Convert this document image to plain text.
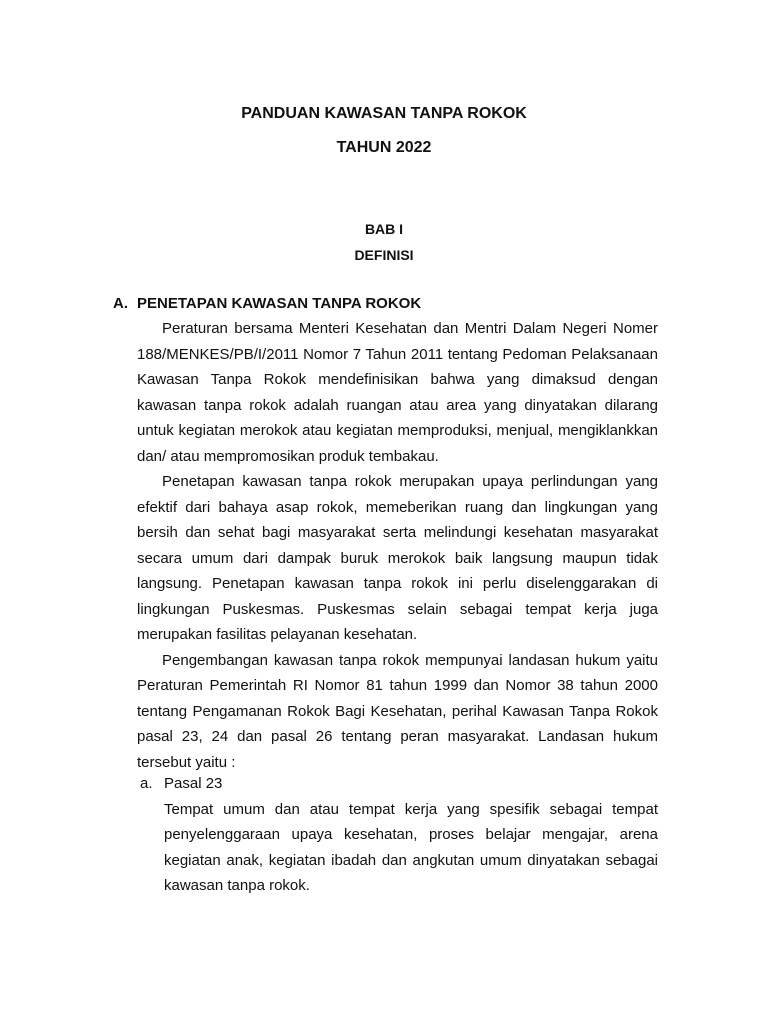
PANDUAN KAWASAN TANPA ROKOK
TAHUN 2022
BAB I
DEFINISI
A. PENETAPAN KAWASAN TANPA ROKOK

Peraturan bersama Menteri Kesehatan dan Mentri Dalam Negeri Nomer 188/MENKES/PB/I/2011 Nomor 7 Tahun 2011 tentang Pedoman Pelaksanaan Kawasan Tanpa Rokok mendefinisikan bahwa yang dimaksud dengan kawasan tanpa rokok adalah ruangan atau area yang dinyatakan dilarang untuk kegiatan merokok atau kegiatan memproduksi, menjual, mengiklankkan dan/ atau mempromosikan produk tembakau.

Penetapan kawasan tanpa rokok merupakan upaya perlindungan yang efektif dari bahaya asap rokok, memeberikan ruang dan lingkungan yang bersih dan sehat bagi masyarakat serta melindungi kesehatan masyarakat secara umum dari dampak buruk merokok baik langsung maupun tidak langsung. Penetapan kawasan tanpa rokok ini perlu diselenggarakan di lingkungan Puskesmas. Puskesmas selain sebagai tempat kerja juga merupakan fasilitas pelayanan kesehatan.

Pengembangan kawasan tanpa rokok mempunyai landasan hukum yaitu Peraturan Pemerintah RI Nomor 81 tahun 1999 dan Nomor 38 tahun 2000 tentang Pengamanan Rokok Bagi Kesehatan, perihal Kawasan Tanpa Rokok pasal 23, 24 dan pasal 26 tentang peran masyarakat. Landasan hukum tersebut yaitu :

a. Pasal 23

Tempat umum dan atau tempat kerja yang spesifik sebagai tempat penyelenggaraan upaya kesehatan, proses belajar mengajar, arena kegiatan anak, kegiatan ibadah dan angkutan umum dinyatakan sebagai kawasan tanpa rokok.
